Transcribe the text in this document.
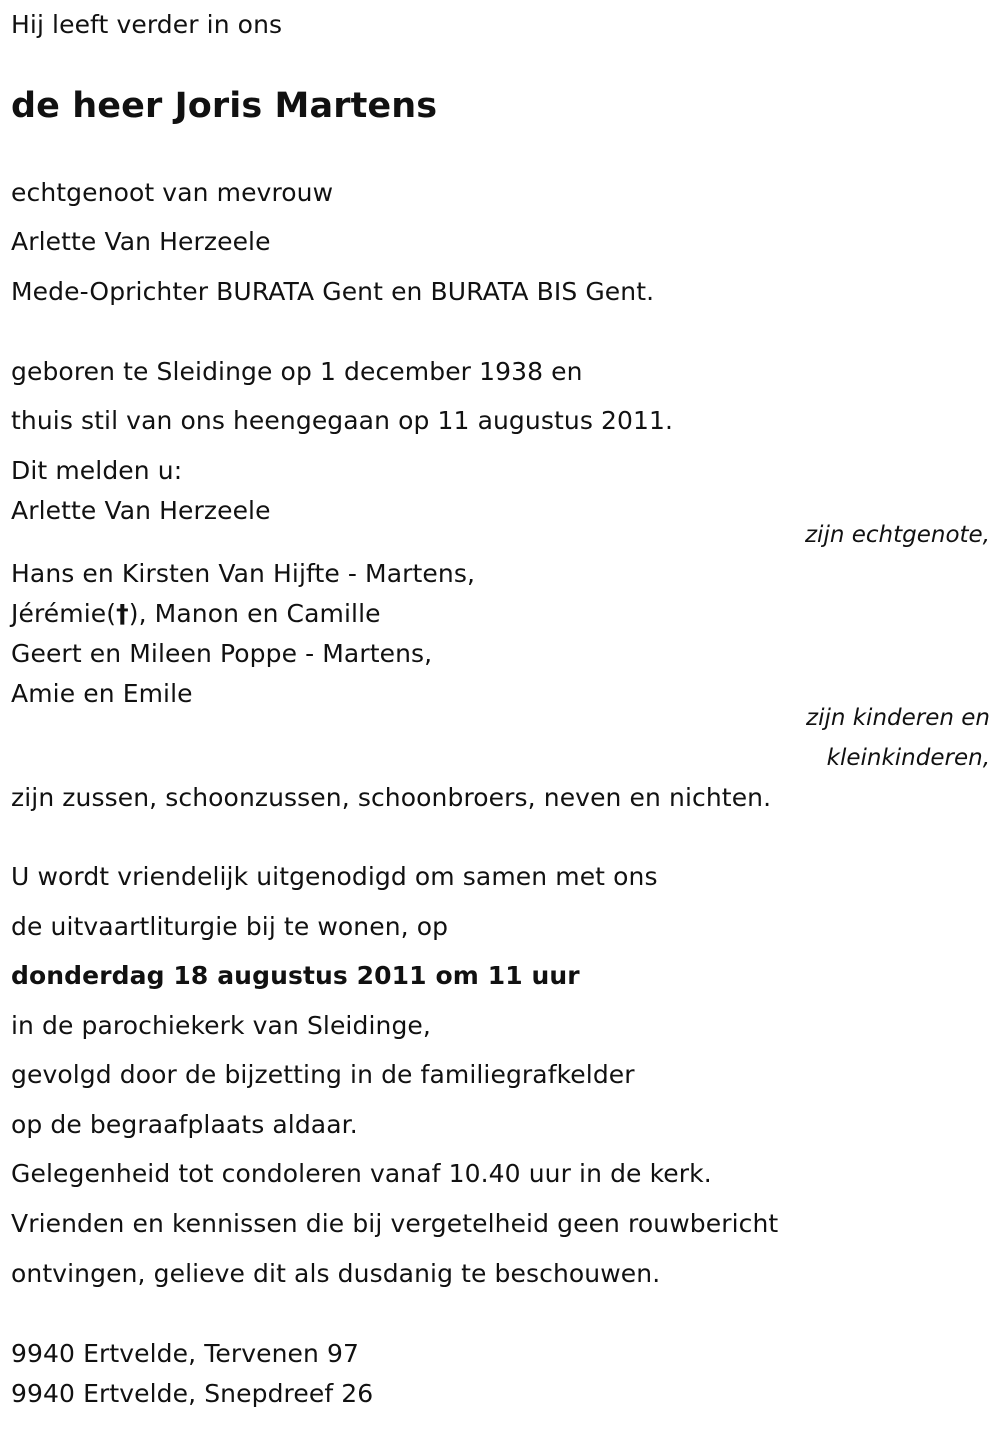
Hij leeft verder in ons

de heer Joris Martens

echtgenoot van mevrouw

Arlette Van Herzeele

Mede-Oprichter BURATA Gent en BURATA BIS Gent.

geboren te Sleidinge op 1 december 1938 en

thuis stil van ons heengegaan op 11 augustus 2011.

Dit melden u:

Arlette Van Herzeele

zijn echtgenote,

Hans en Kirsten Van Hijfte - Martens,

Jérémie(†), Manon en Camille

Geert en Mileen Poppe - Martens,

Amie en Emile

zijn kinderen en

kleinkinderen,

zijn zussen, schoonzussen, schoonbroers, neven en nichten.

U wordt vriendelijk uitgenodigd om samen met ons

de uitvaartliturgie bij te wonen, op

donderdag 18 augustus 2011 om 11 uur

in de parochiekerk van Sleidinge,

gevolgd door de bijzetting in de familiegrafkelder

op de begraafplaats aldaar.

Gelegenheid tot condoleren vanaf 10.40 uur in de kerk.

Vrienden en kennissen die bij vergetelheid geen rouwbericht

ontvingen, gelieve dit als dusdanig te beschouwen.

9940 Ertvelde, Tervenen 97

9940 Ertvelde, Snepdreef 26
